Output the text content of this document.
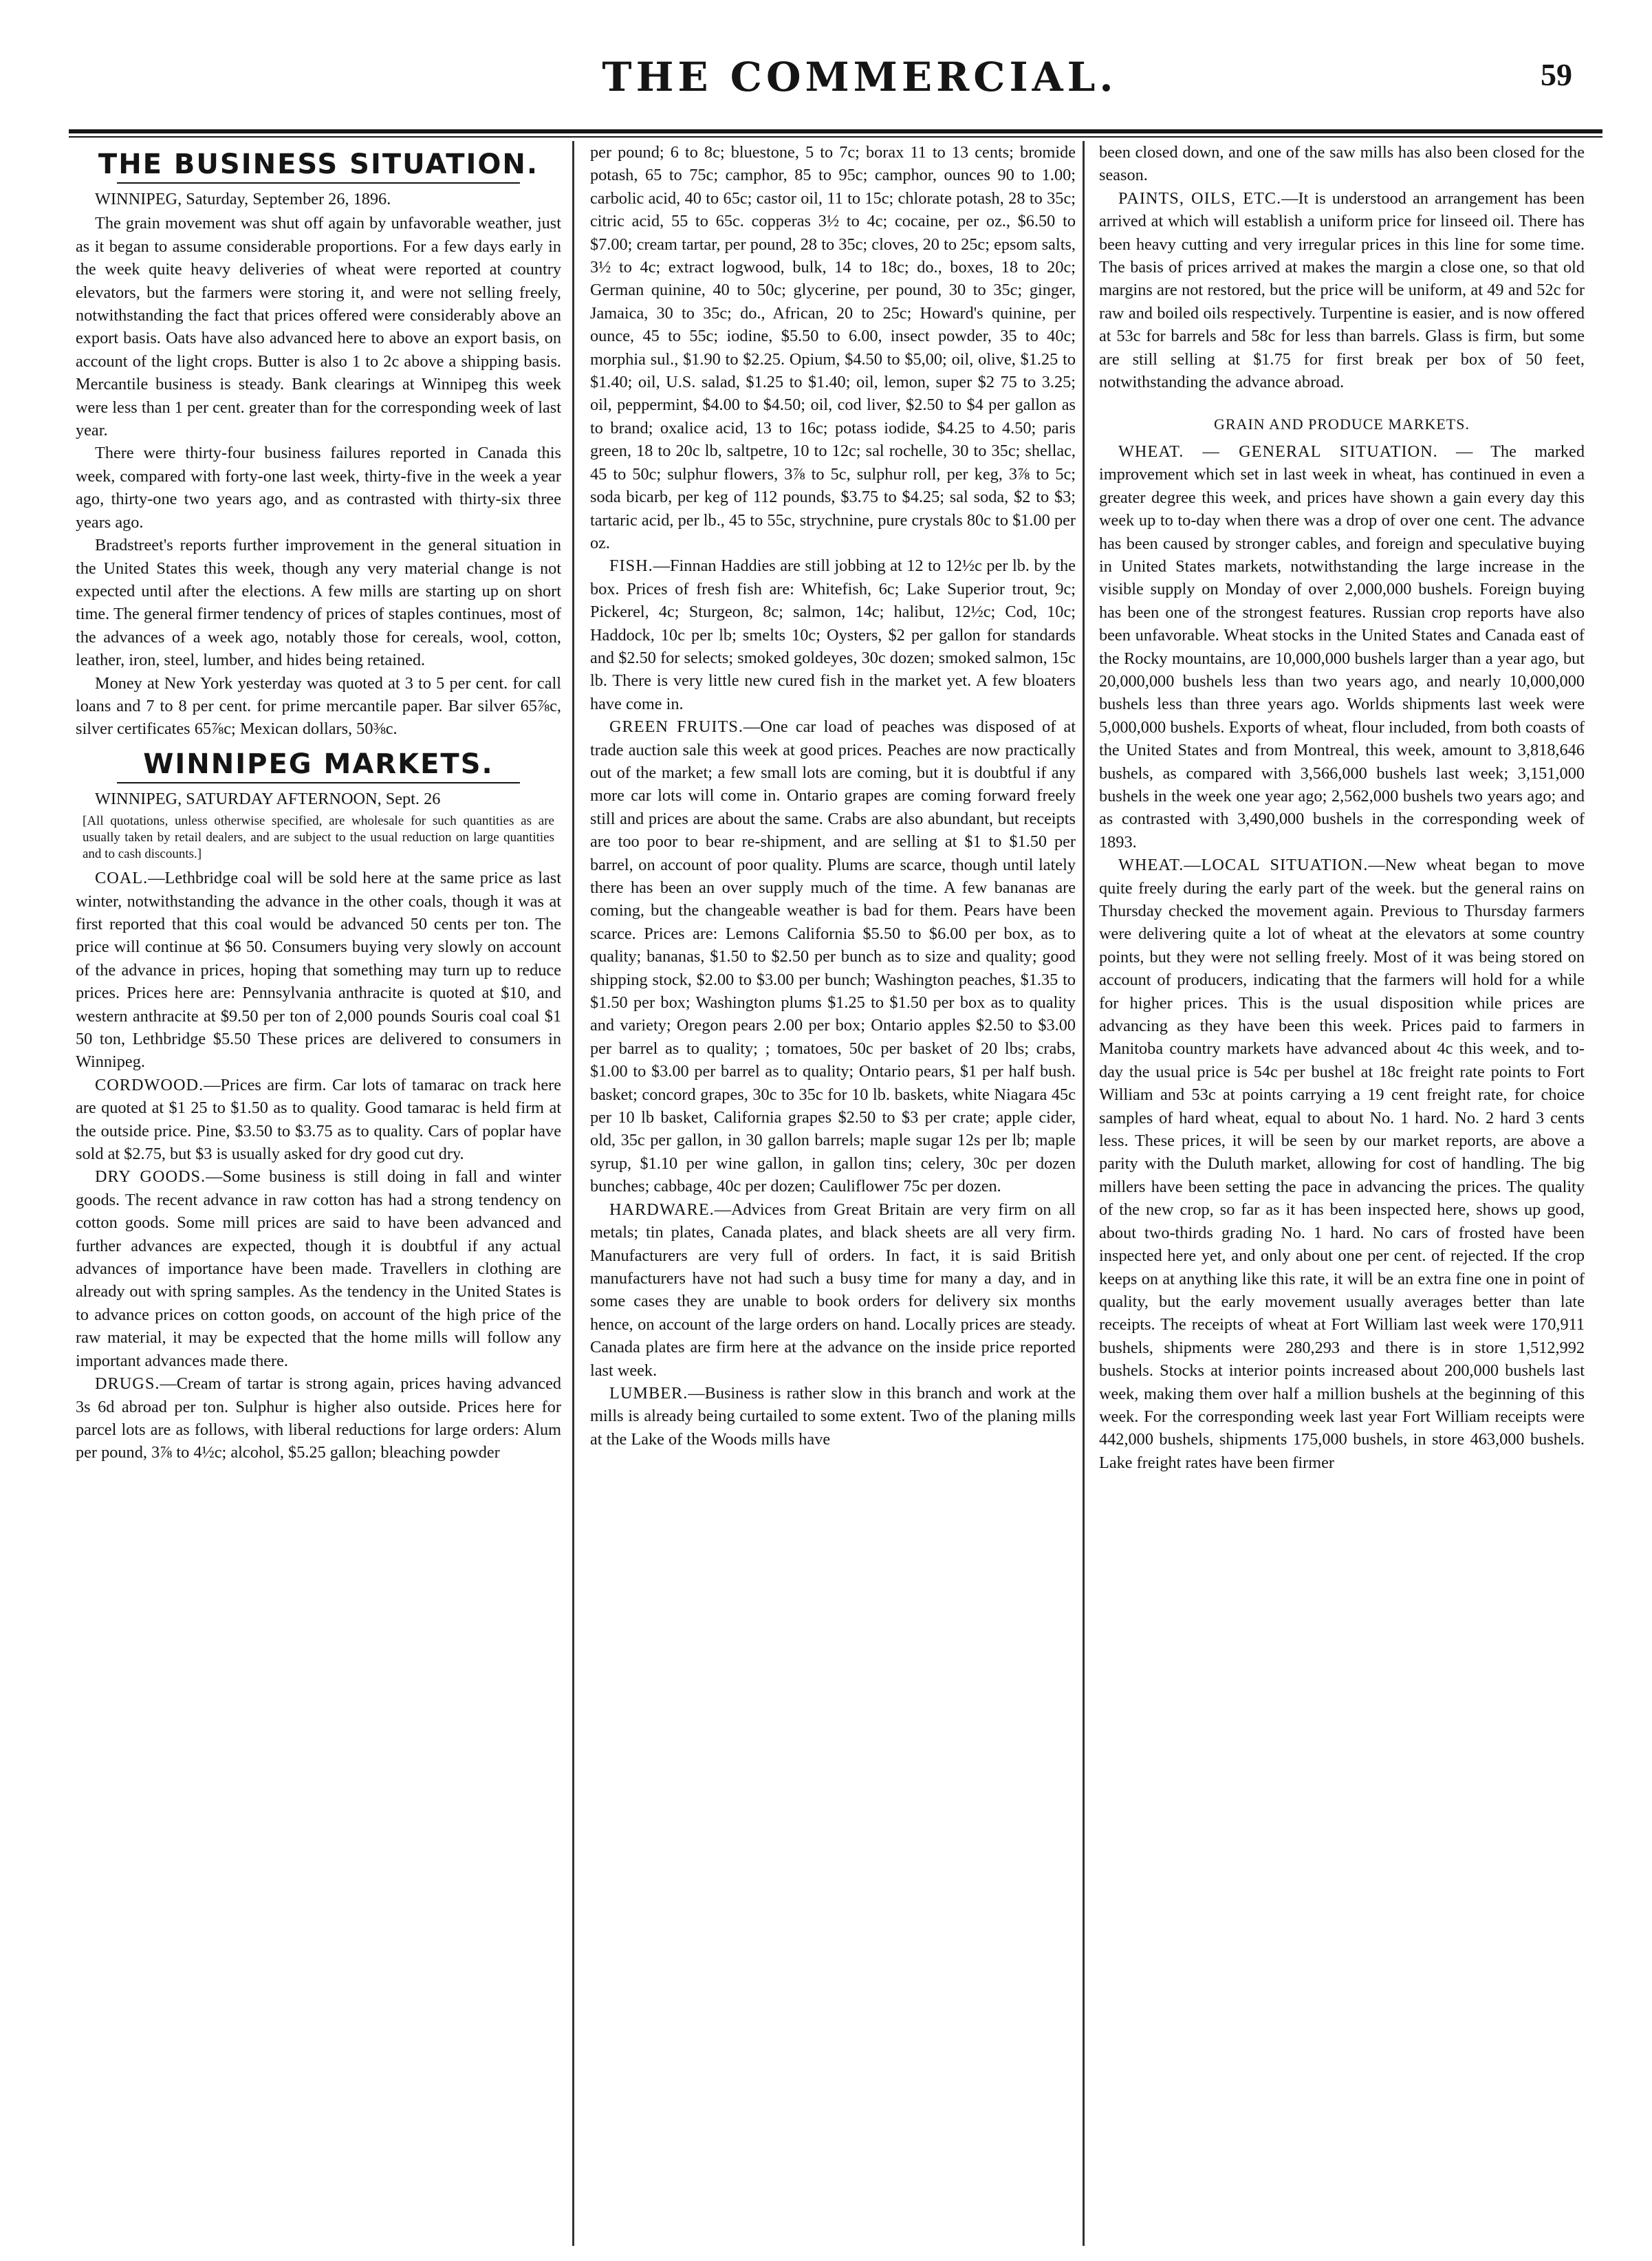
THE COMMERCIAL.	59
THE BUSINESS SITUATION.

WINNIPEG, Saturday, September 26, 1896.

The grain movement was shut off again by unfavorable weather, just as it began to assume considerable proportions. For a few days early in the week quite heavy deliveries of wheat were reported at country elevators, but the farmers were storing it, and were not selling freely, notwithstanding the fact that prices offered were considerably above an export basis. Oats have also advanced here to above an export basis, on account of the light crops. Butter is also 1 to 2c above a shipping basis. Mercantile business is steady. Bank clearings at Winnipeg this week were less than 1 per cent. greater than for the corresponding week of last year.

There were thirty-four business failures reported in Canada this week, compared with forty-one last week, thirty-five in the week a year ago, thirty-one two years ago, and as contrasted with thirty-six three years ago.

Bradstreet's reports further improvement in the general situation in the United States this week, though any very material change is not expected until after the elections. A few mills are starting up on short time. The general firmer tendency of prices of staples continues, most of the advances of a week ago, notably those for cereals, wool, cotton, leather, iron, steel, lumber, and hides being retained.

Money at New York yesterday was quoted at 3 to 5 per cent. for call loans and 7 to 8 per cent. for prime mercantile paper. Bar silver 65⅞c, silver certificates 65⅞c; Mexican dollars, 50⅜c.

WINNIPEG MARKETS.

WINNIPEG, SATURDAY AFTERNOON, Sept. 26

[All quotations, unless otherwise specified, are wholesale for such quantities as are usually taken by retail dealers, and are subject to the usual reduction on large quantities and to cash discounts.]

COAL.—Lethbridge coal will be sold here at the same price as last winter, notwithstanding the advance in the other coals, though it was at first reported that this coal would be advanced 50 cents per ton. The price will continue at $6 50. Consumers buying very slowly on account of the advance in prices, hoping that something may turn up to reduce prices. Prices here are: Pennsylvania anthracite is quoted at $10, and western anthracite at $9.50 per ton of 2,000 pounds Souris coal coal $1 50 ton, Lethbridge $5.50 These prices are delivered to consumers in Winnipeg.

CORDWOOD.—Prices are firm. Car lots of tamarac on track here are quoted at $1 25 to $1.50 as to quality. Good tamarac is held firm at the outside price. Pine, $3.50 to $3.75 as to quality. Cars of poplar have sold at $2.75, but $3 is usually asked for dry good cut dry.

DRY GOODS.—Some business is still doing in fall and winter goods. The recent advance in raw cotton has had a strong tendency on cotton goods. Some mill prices are said to have been advanced and further advances are expected, though it is doubtful if any actual advances of importance have been made. Travellers in clothing are already out with spring samples. As the tendency in the United States is to advance prices on cotton goods, on account of the high price of the raw material, it may be expected that the home mills will follow any important advances made there.

DRUGS.—Cream of tartar is strong again, prices having advanced 3s 6d abroad per ton. Sulphur is higher also outside. Prices here for parcel lots are as follows, with liberal reductions for large orders: Alum per pound, 3⅞ to 4½c; alcohol, $5.25 gallon; bleaching powder

per pound; 6 to 8c; bluestone, 5 to 7c; borax 11 to 13 cents; bromide potash, 65 to 75c; camphor, 85 to 95c; camphor, ounces 90 to 1.00; carbolic acid, 40 to 65c; castor oil, 11 to 15c; chlorate potash, 28 to 35c; citric acid, 55 to 65c. copperas 3½ to 4c; cocaine, per oz., $6.50 to $7.00; cream tartar, per pound, 28 to 35c; cloves, 20 to 25c; epsom salts, 3½ to 4c; extract logwood, bulk, 14 to 18c; do., boxes, 18 to 20c; German quinine, 40 to 50c; glycerine, per pound, 30 to 35c; ginger, Jamaica, 30 to 35c; do., African, 20 to 25c; Howard's quinine, per ounce, 45 to 55c; iodine, $5.50 to 6.00, insect powder, 35 to 40c; morphia sul., $1.90 to $2.25. Opium, $4.50 to $5,00; oil, olive, $1.25 to $1.40; oil, U.S. salad, $1.25 to $1.40; oil, lemon, super $2 75 to 3.25; oil, peppermint, $4.00 to $4.50; oil, cod liver, $2.50 to $4 per gallon as to brand; oxalice acid, 13 to 16c; potass iodide, $4.25 to 4.50; paris green, 18 to 20c lb, saltpetre, 10 to 12c; sal rochelle, 30 to 35c; shellac, 45 to 50c; sulphur flowers, 3⅞ to 5c, sulphur roll, per keg, 3⅞ to 5c; soda bicarb, per keg of 112 pounds, $3.75 to $4.25; sal soda, $2 to $3; tartaric acid, per lb., 45 to 55c, strychnine, pure crystals 80c to $1.00 per oz.

FISH.—Finnan Haddies are still jobbing at 12 to 12½c per lb. by the box. Prices of fresh fish are: Whitefish, 6c; Lake Superior trout, 9c; Pickerel, 4c; Sturgeon, 8c; salmon, 14c; halibut, 12½c; Cod, 10c; Haddock, 10c per lb; smelts 10c; Oysters, $2 per gallon for standards and $2.50 for selects; smoked goldeyes, 30c dozen; smoked salmon, 15c lb. There is very little new cured fish in the market yet. A few bloaters have come in.

GREEN FRUITS.—One car load of peaches was disposed of at trade auction sale this week at good prices. Peaches are now practically out of the market; a few small lots are coming, but it is doubtful if any more car lots will come in. Ontario grapes are coming forward freely still and prices are about the same. Crabs are also abundant, but receipts are too poor to bear re-shipment, and are selling at $1 to $1.50 per barrel, on account of poor quality. Plums are scarce, though until lately there has been an over supply much of the time. A few bananas are coming, but the changeable weather is bad for them. Pears have been scarce. Prices are: Lemons California $5.50 to $6.00 per box, as to quality; bananas, $1.50 to $2.50 per bunch as to size and quality; good shipping stock, $2.00 to $3.00 per bunch; Washington peaches, $1.35 to $1.50 per box; Washington plums $1.25 to $1.50 per box as to quality and variety; Oregon pears 2.00 per box; Ontario apples $2.50 to $3.00 per barrel as to quality; ; tomatoes, 50c per basket of 20 lbs; crabs, $1.00 to $3.00 per barrel as to quality; Ontario pears, $1 per half bush. basket; concord grapes, 30c to 35c for 10 lb. baskets, white Niagara 45c per 10 lb basket, California grapes $2.50 to $3 per crate; apple cider, old, 35c per gallon, in 30 gallon barrels; maple sugar 12s per lb; maple syrup, $1.10 per wine gallon, in gallon tins; celery, 30c per dozen bunches; cabbage, 40c per dozen; Cauliflower 75c per dozen.

HARDWARE.—Advices from Great Britain are very firm on all metals; tin plates, Canada plates, and black sheets are all very firm. Manufacturers are very full of orders. In fact, it is said British manufacturers have not had such a busy time for many a day, and in some cases they are unable to book orders for delivery six months hence, on account of the large orders on hand. Locally prices are steady. Canada plates are firm here at the advance on the inside price reported last week.

LUMBER.—Business is rather slow in this branch and work at the mills is already being curtailed to some extent. Two of the planing mills at the Lake of the Woods mills have

been closed down, and one of the saw mills has also been closed for the season.

PAINTS, OILS, ETC.—It is understood an arrangement has been arrived at which will establish a uniform price for linseed oil. There has been heavy cutting and very irregular prices in this line for some time. The basis of prices arrived at makes the margin a close one, so that old margins are not restored, but the price will be uniform, at 49 and 52c for raw and boiled oils respectively. Turpentine is easier, and is now offered at 53c for barrels and 58c for less than barrels. Glass is firm, but some are still selling at $1.75 for first break per box of 50 feet, notwithstanding the advance abroad.

GRAIN AND PRODUCE MARKETS.

WHEAT. — GENERAL SITUATION. — The marked improvement which set in last week in wheat, has continued in even a greater degree this week, and prices have shown a gain every day this week up to to-day when there was a drop of over one cent. The advance has been caused by stronger cables, and foreign and speculative buying in United States markets, notwithstanding the large increase in the visible supply on Monday of over 2,000,000 bushels. Foreign buying has been one of the strongest features. Russian crop reports have also been unfavorable. Wheat stocks in the United States and Canada east of the Rocky mountains, are 10,000,000 bushels larger than a year ago, but 20,000,000 bushels less than two years ago, and nearly 10,000,000 bushels less than three years ago. Worlds shipments last week were 5,000,000 bushels. Exports of wheat, flour included, from both coasts of the United States and from Montreal, this week, amount to 3,818,646 bushels, as compared with 3,566,000 bushels last week; 3,151,000 bushels in the week one year ago; 2,562,000 bushels two years ago; and as contrasted with 3,490,000 bushels in the corresponding week of 1893.

WHEAT.—LOCAL SITUATION.—New wheat began to move quite freely during the early part of the week. but the general rains on Thursday checked the movement again. Previous to Thursday farmers were delivering quite a lot of wheat at the elevators at some country points, but they were not selling freely. Most of it was being stored on account of producers, indicating that the farmers will hold for a while for higher prices. This is the usual disposition while prices are advancing as they have been this week. Prices paid to farmers in Manitoba country markets have advanced about 4c this week, and to-day the usual price is 54c per bushel at 18c freight rate points to Fort William and 53c at points carrying a 19 cent freight rate, for choice samples of hard wheat, equal to about No. 1 hard. No. 2 hard 3 cents less. These prices, it will be seen by our market reports, are above a parity with the Duluth market, allowing for cost of handling. The big millers have been setting the pace in advancing the prices. The quality of the new crop, so far as it has been inspected here, shows up good, about two-thirds grading No. 1 hard. No cars of frosted have been inspected here yet, and only about one per cent. of rejected. If the crop keeps on at anything like this rate, it will be an extra fine one in point of quality, but the early movement usually averages better than late receipts. The receipts of wheat at Fort William last week were 170,911 bushels, shipments were 280,293 and there is in store 1,512,992 bushels. Stocks at interior points increased about 200,000 bushels last week, making them over half a million bushels at the beginning of this week. For the corresponding week last year Fort William receipts were 442,000 bushels, shipments 175,000 bushels, in store 463,000 bushels. Lake freight rates have been firmer
